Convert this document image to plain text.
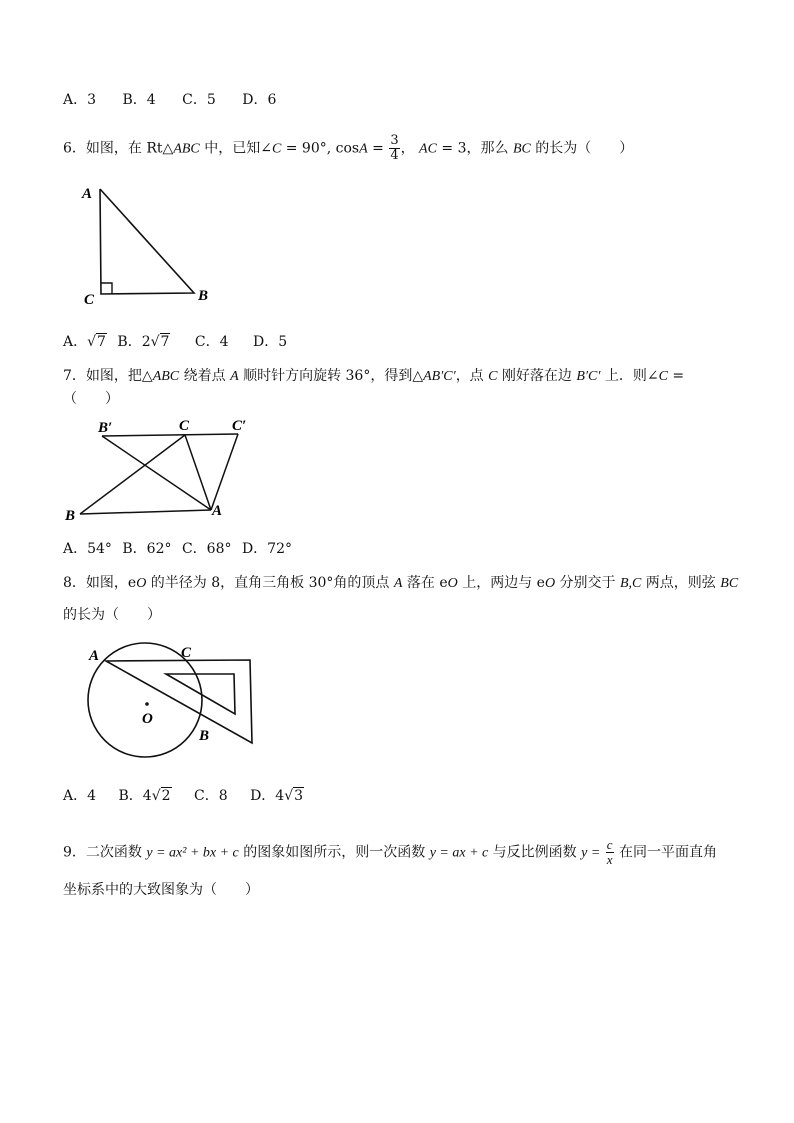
A．3 B．4 C．5 D．6
6．如图，在 Rt△ABC 中，已知∠C = 90°, $\cos A = \frac{3}{4}$ ， AC = 3，那么 BC 的长为（　　）
A
C	B
A．√7 B．2√7 C．4 D．5
7．如图，把△ABC 绕着点 A 顺时针方向旋转 36°，得到△AB′C′，点 C 刚好落在边 B′C′ 上．则∠C =
（　　）
B′	C	C′
B	A
A．54° B．62° C．68° D．72°
8．如图，eO 的半径为 8，直角三角板 30°角的顶点 A 落在 eO 上，两边与 eO 分别交于 B,C 两点，则弦 BC
的长为（　　）
A	C
O
B
A．4 B．4√2 C．8 D．4√3
9．二次函数 y = ax² + bx + c 的图象如图所示，则一次函数 y = ax + c 与反比例函数 $y = \frac{c}{x}$ 在同一平面直角
坐标系中的大致图象为（　　）
